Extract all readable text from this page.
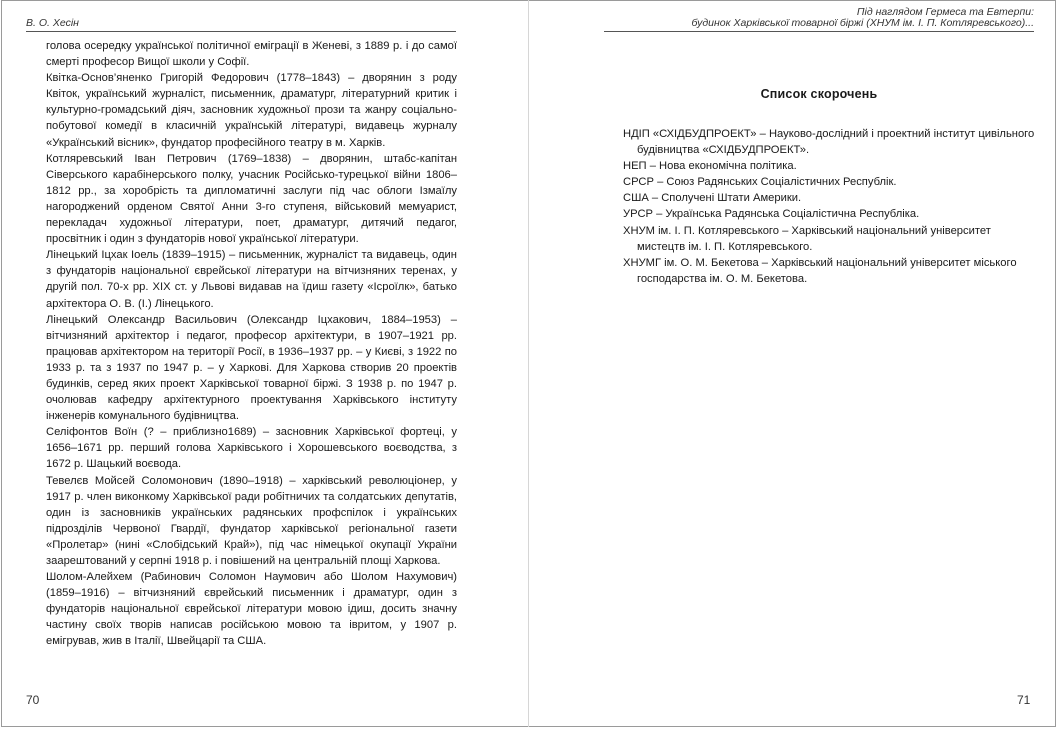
В. О. Хесін

голова осередку української політичної еміграції в Женеві, з 1889 р. і до самої смерті професор Вищої школи у Софії.

Квітка-Основ’яненко Григорій Федорович (1778–1843) – дворянин з роду Квіток, український журналіст, письменник, драматург, літературний критик і культурно-громадський діяч, засновник художньої прози та жанру соціально-побутової комедії в класичній українській літературі, видавець журналу «Український вісник», фундатор професійного театру в м. Харків.

Котляревський Іван Петрович (1769–1838) – дворянин, штабс-капітан Сіверського карабінерського полку, учасник Російсько-турецької війни 1806–1812 рр., за хоробрість та дипломатичні заслуги під час облоги Ізмаїлу нагороджений орденом Святої Анни 3-го ступеня, військовий мемуарист, перекладач художньої літератури, поет, драматург, дитячий педагог, просвітник і один з фундаторів нової української літератури.

Лінецький Іцхак Іоель (1839–1915) – письменник, журналіст та видавець, один з фундаторів національної єврейської літератури на вітчизняних теренах, у другій пол. 70-х рр. XIX ст. у Львові видавав на їдиш газету «Ісроїлк», батько архітектора О. В. (І.) Лінецького.

Лінецький Олександр Васильович (Олександр Іцхакович, 1884–1953) – вітчизняний архітектор і педагог, професор архітектури, в 1907–1921 рр. працював архітектором на території Росії, в 1936–1937 рр. – у Києві, з 1922 по 1933 р. та з 1937 по 1947 р. – у Харкові. Для Харкова створив 20 проектів будинків, серед яких проект Харківської товарної біржі. З 1938 р. по 1947 р. очолював кафедру архітектурного проектування Харківського інституту інженерів комунального будівництва.

Селіфонтов Воїн (? – приблизно1689) – засновник Харківської фортеці, у 1656–1671 рр. перший голова Харківського і Хорошевського воєводства, з 1672 р. Шацький воєвода.

Тевелєв Мойсей Соломонович (1890–1918) – харківський революціонер, у 1917 р. член виконкому Харківської ради робітничих та солдатських депутатів, один із засновників українських радянських профспілок і українських підрозділів Червоної Гвардії, фундатор харківської регіональної газети «Пролетар» (нині «Слобідський Край»), під час німецької окупації України заарештований у серпні 1918 р. і повішений на центральній площі Харкова.

Шолом-Алейхем (Рабинович Соломон Наумович або Шолом Нахумович) (1859–1916) – вітчизняний єврейський письменник і драматург, один з фундаторів національної єврейської літератури мовою ідиш, досить значну частину своїх творів написав російською мовою та івритом, у 1907 р. емігрував, жив в Італії, Швейцарії та США.

70
Під наглядом Гермеса та Евтерпи:
будинок Харківської товарної біржі (ХНУМ ім. І. П. Котляревського)...
Список скорочень

НДІП «СХІДБУДПРОЕКТ» – Науково-дослідний і проектний інститут цивільного будівництва «СХІДБУДПРОЕКТ».

НЕП – Нова економічна політика.

СРСР – Союз Радянських Соціалістичних Республік.

США – Сполучені Штати Америки.

УРСР – Українська Радянська Соціалістична Республіка.

ХНУМ ім. І. П. Котляревського – Харківський національний університет мистецтв ім. І. П. Котляревського.

ХНУМГ ім. О. М. Бекетова – Харківський національний університет міського господарства ім. О. М. Бекетова.

71
